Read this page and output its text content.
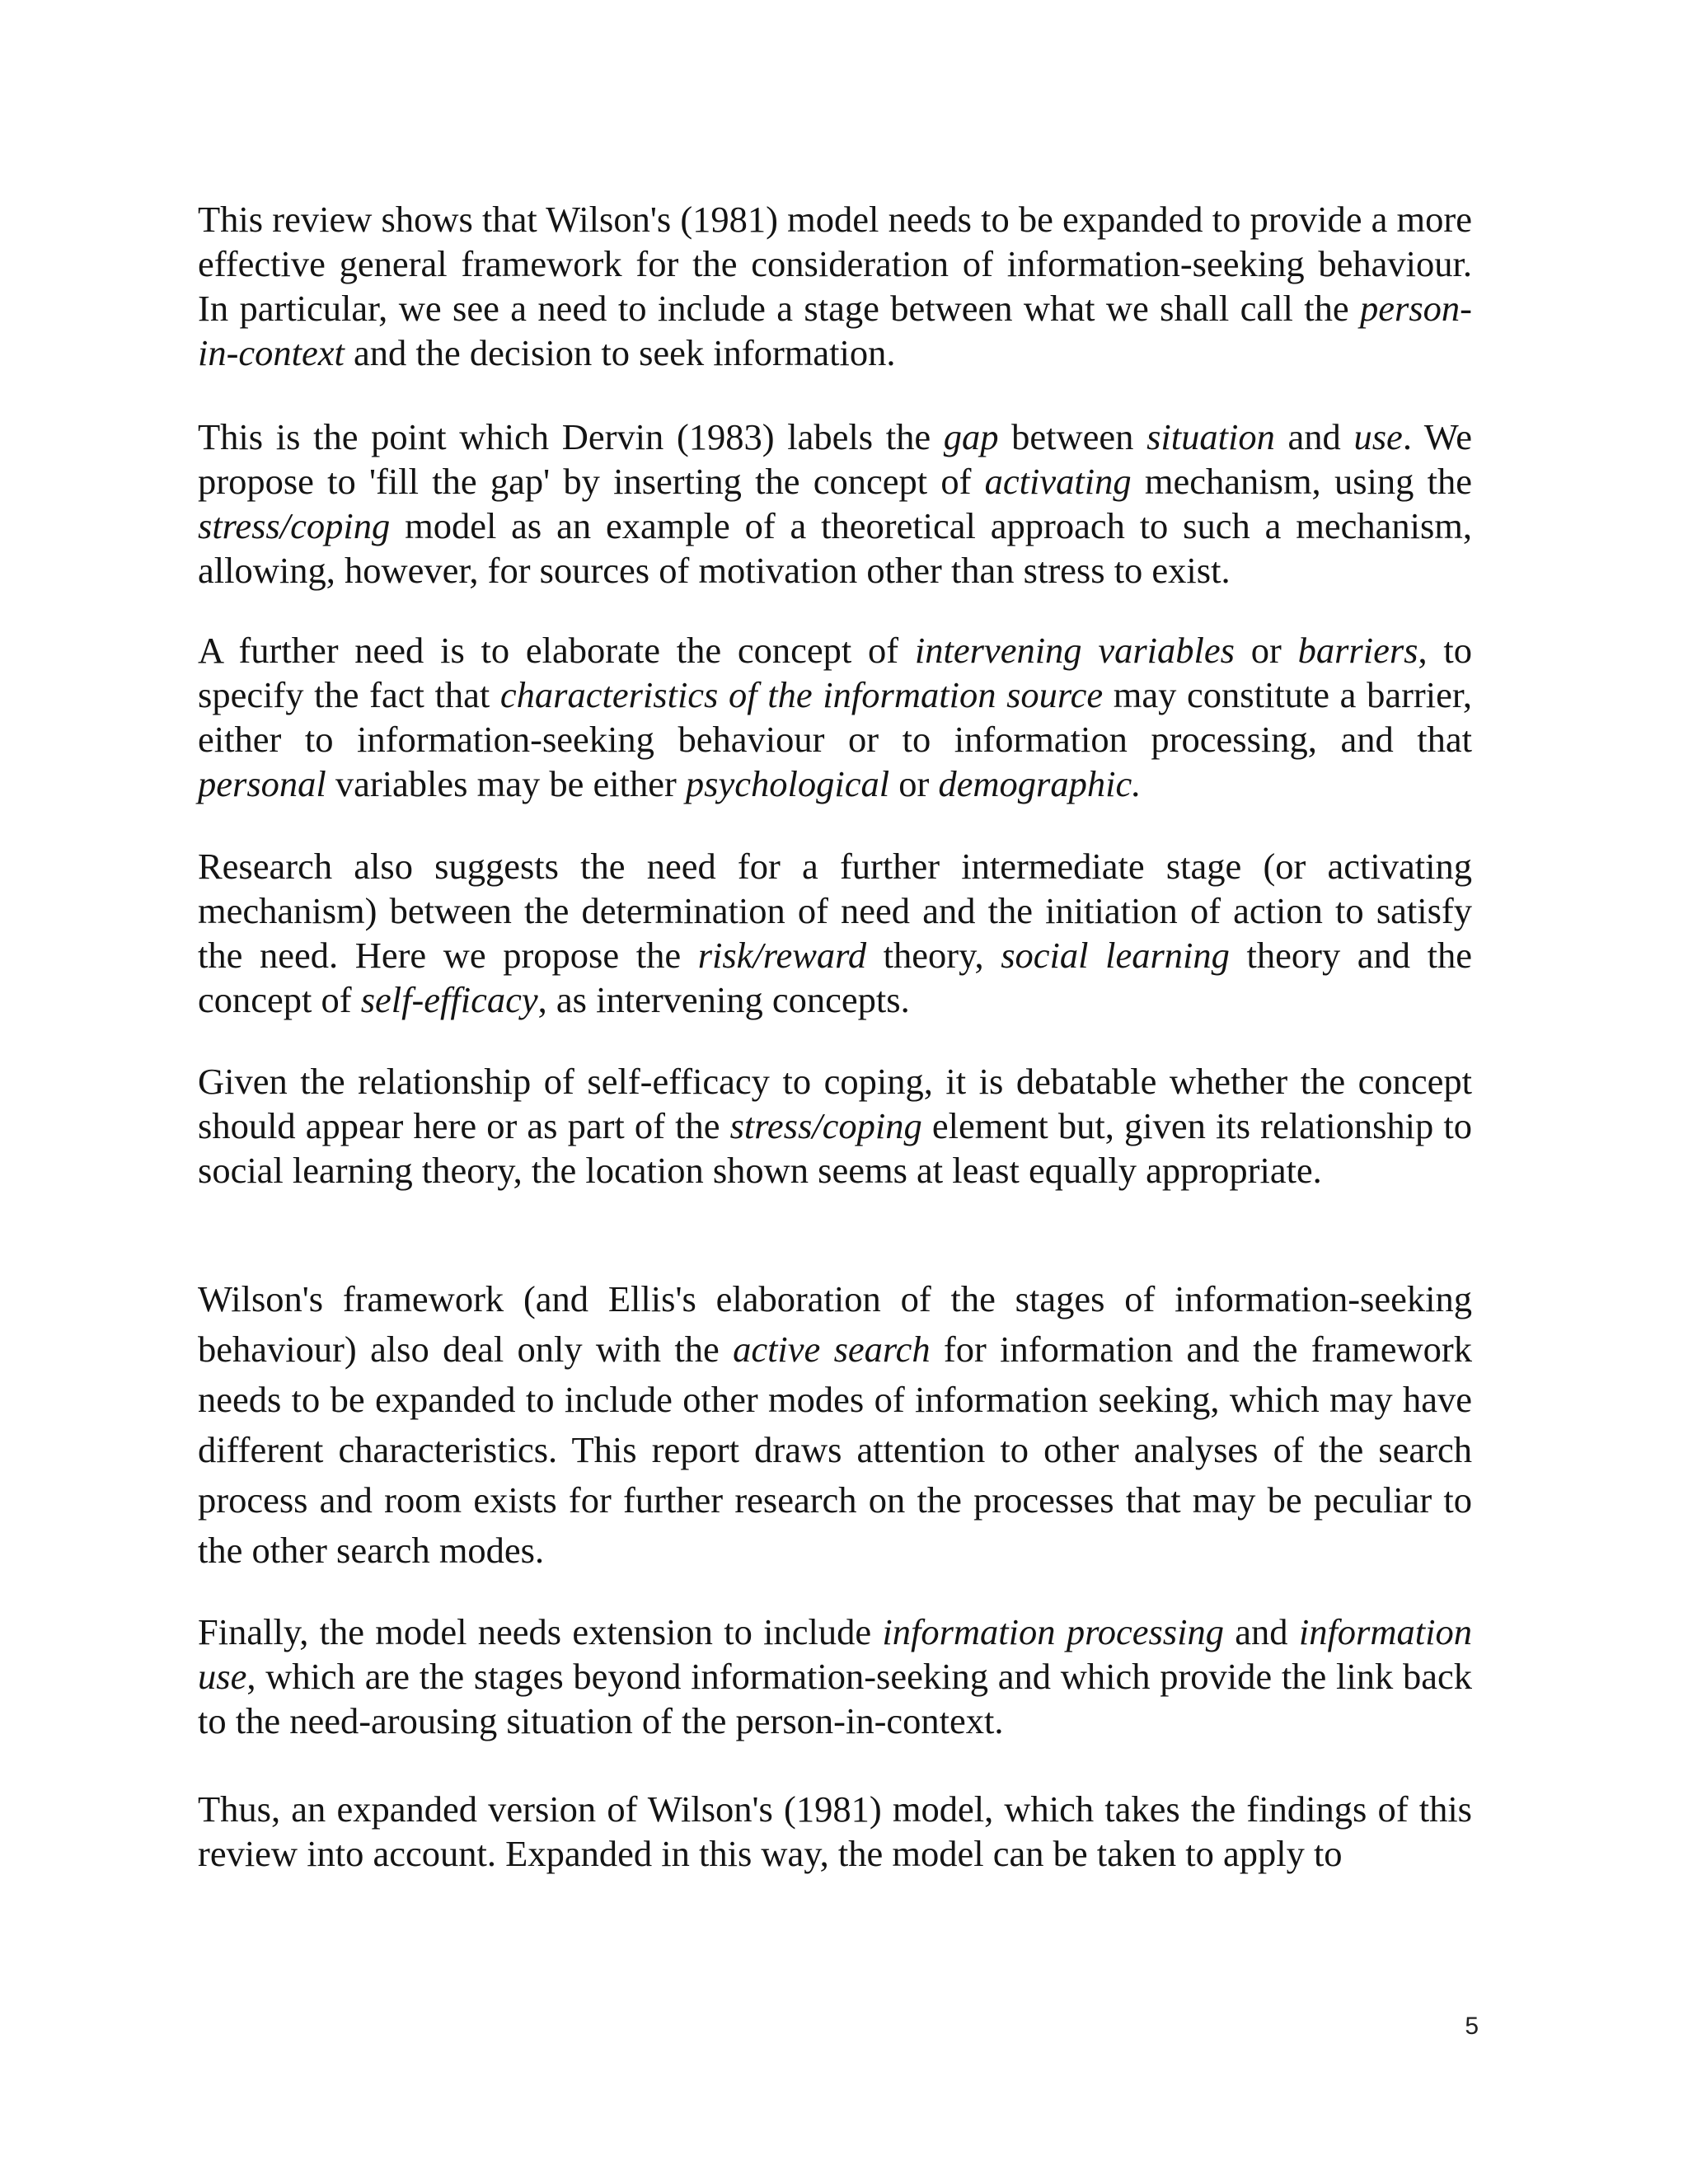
This review shows that Wilson's (1981) model needs to be expanded to provide a more effective general framework for the consideration of information-seeking behaviour. In particular, we see a need to include a stage between what we shall call the person-in-context and the decision to seek information.

This is the point which Dervin (1983) labels the gap between situation and use. We propose to 'fill the gap' by inserting the concept of activating mechanism, using the stress/coping model as an example of a theoretical approach to such a mechanism, allowing, however, for sources of motivation other than stress to exist.

A further need is to elaborate the concept of intervening variables or barriers, to specify the fact that characteristics of the information source may constitute a barrier, either to information-seeking behaviour or to information processing, and that personal variables may be either psychological or demographic.

Research also suggests the need for a further intermediate stage (or activating mechanism) between the determination of need and the initiation of action to satisfy the need. Here we propose the risk/reward theory, social learning theory and the concept of self-efficacy, as intervening concepts.

Given the relationship of self-efficacy to coping, it is debatable whether the concept should appear here or as part of the stress/coping element but, given its relationship to social learning theory, the location shown seems at least equally appropriate.

Wilson's framework (and Ellis's elaboration of the stages of information-seeking behaviour) also deal only with the active search for information and the framework needs to be expanded to include other modes of information seeking, which may have different characteristics. This report draws attention to other analyses of the search process and room exists for further research on the processes that may be peculiar to the other search modes.

Finally, the model needs extension to include information processing and information use, which are the stages beyond information-seeking and which provide the link back to the need-arousing situation of the person-in-context.

Thus, an expanded version of Wilson's (1981) model, which takes the findings of this review into account. Expanded in this way, the model can be taken to apply to

5
